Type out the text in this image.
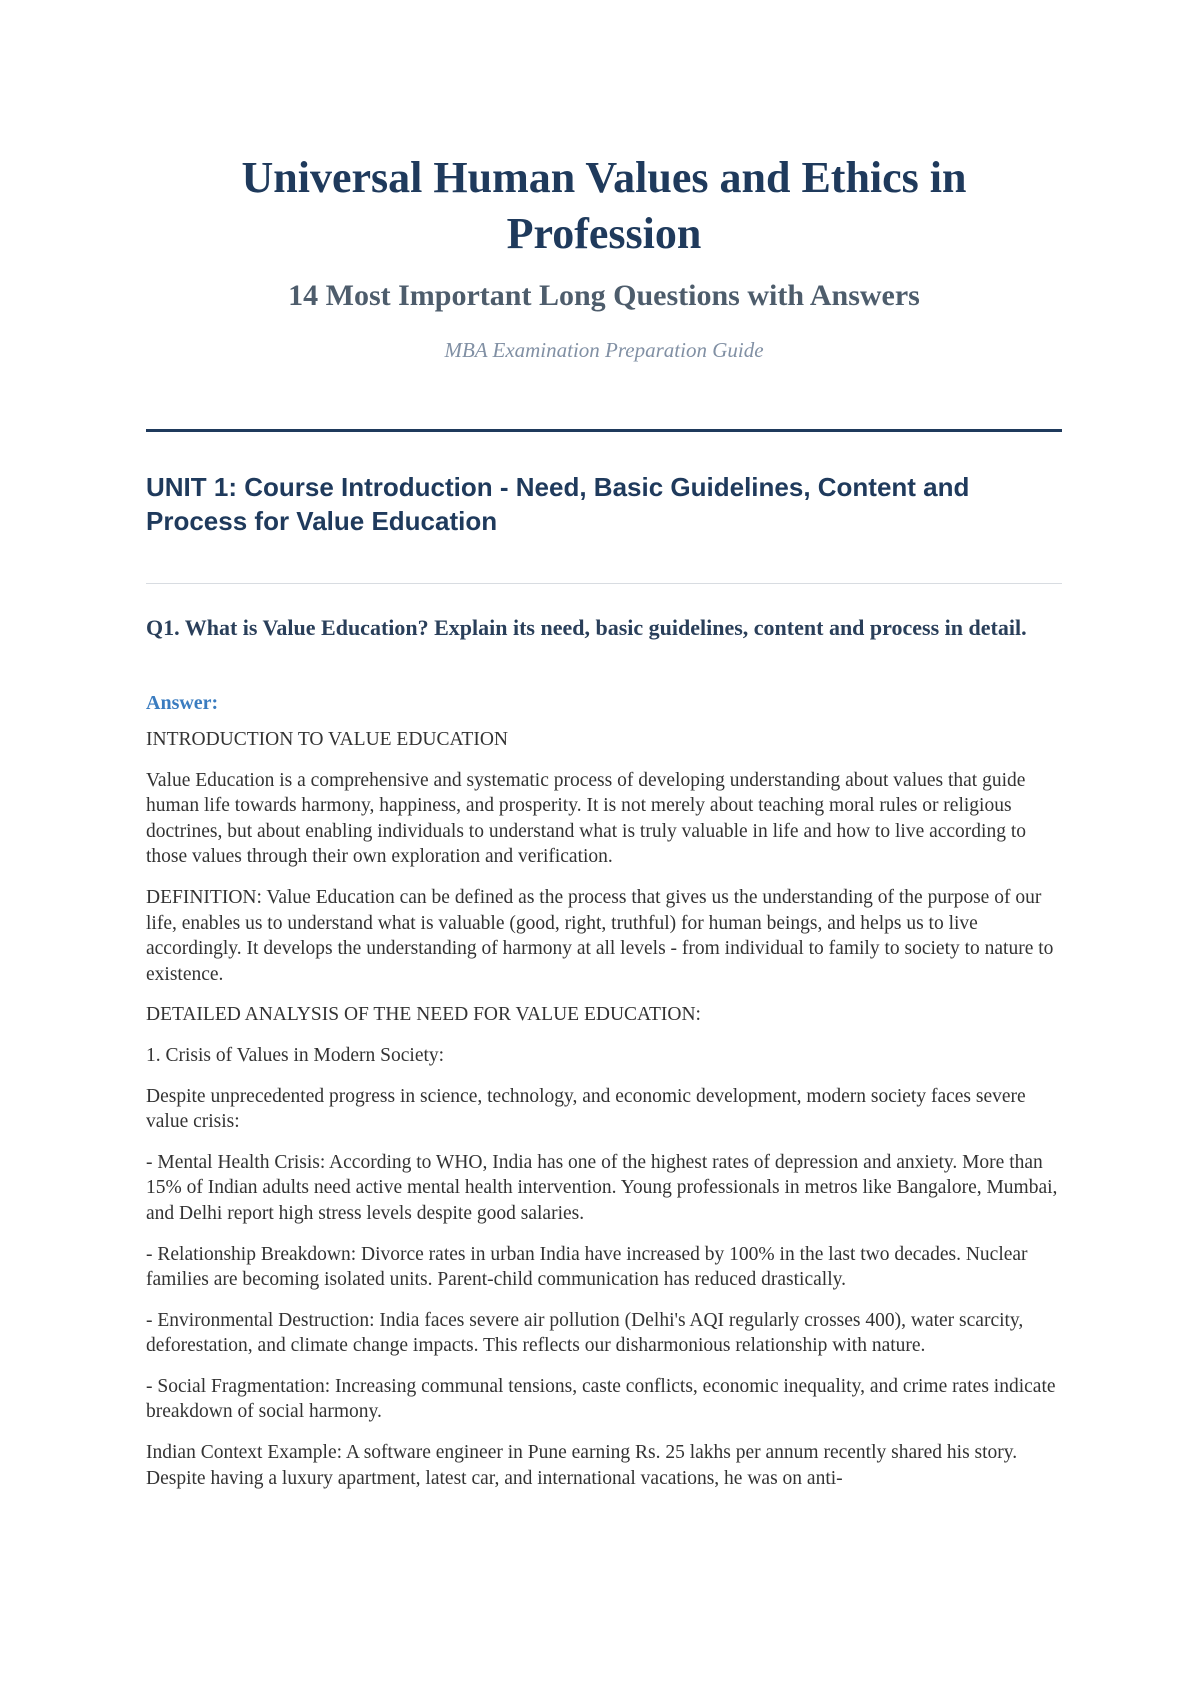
Universal Human Values and Ethics in Profession
14 Most Important Long Questions with Answers
MBA Examination Preparation Guide
UNIT 1: Course Introduction - Need, Basic Guidelines, Content and Process for Value Education
Q1. What is Value Education? Explain its need, basic guidelines, content and process in detail.
Answer:

INTRODUCTION TO VALUE EDUCATION

Value Education is a comprehensive and systematic process of developing understanding about values that guide human life towards harmony, happiness, and prosperity. It is not merely about teaching moral rules or religious doctrines, but about enabling individuals to understand what is truly valuable in life and how to live according to those values through their own exploration and verification.

DEFINITION: Value Education can be defined as the process that gives us the understanding of the purpose of our life, enables us to understand what is valuable (good, right, truthful) for human beings, and helps us to live accordingly. It develops the understanding of harmony at all levels - from individual to family to society to nature to existence.

DETAILED ANALYSIS OF THE NEED FOR VALUE EDUCATION:

1. Crisis of Values in Modern Society:

Despite unprecedented progress in science, technology, and economic development, modern society faces severe value crisis:

- Mental Health Crisis: According to WHO, India has one of the highest rates of depression and anxiety. More than 15% of Indian adults need active mental health intervention. Young professionals in metros like Bangalore, Mumbai, and Delhi report high stress levels despite good salaries.

- Relationship Breakdown: Divorce rates in urban India have increased by 100% in the last two decades. Nuclear families are becoming isolated units. Parent-child communication has reduced drastically.

- Environmental Destruction: India faces severe air pollution (Delhi's AQI regularly crosses 400), water scarcity, deforestation, and climate change impacts. This reflects our disharmonious relationship with nature.

- Social Fragmentation: Increasing communal tensions, caste conflicts, economic inequality, and crime rates indicate breakdown of social harmony.

Indian Context Example: A software engineer in Pune earning Rs. 25 lakhs per annum recently shared his story. Despite having a luxury apartment, latest car, and international vacations, he was on anti-
